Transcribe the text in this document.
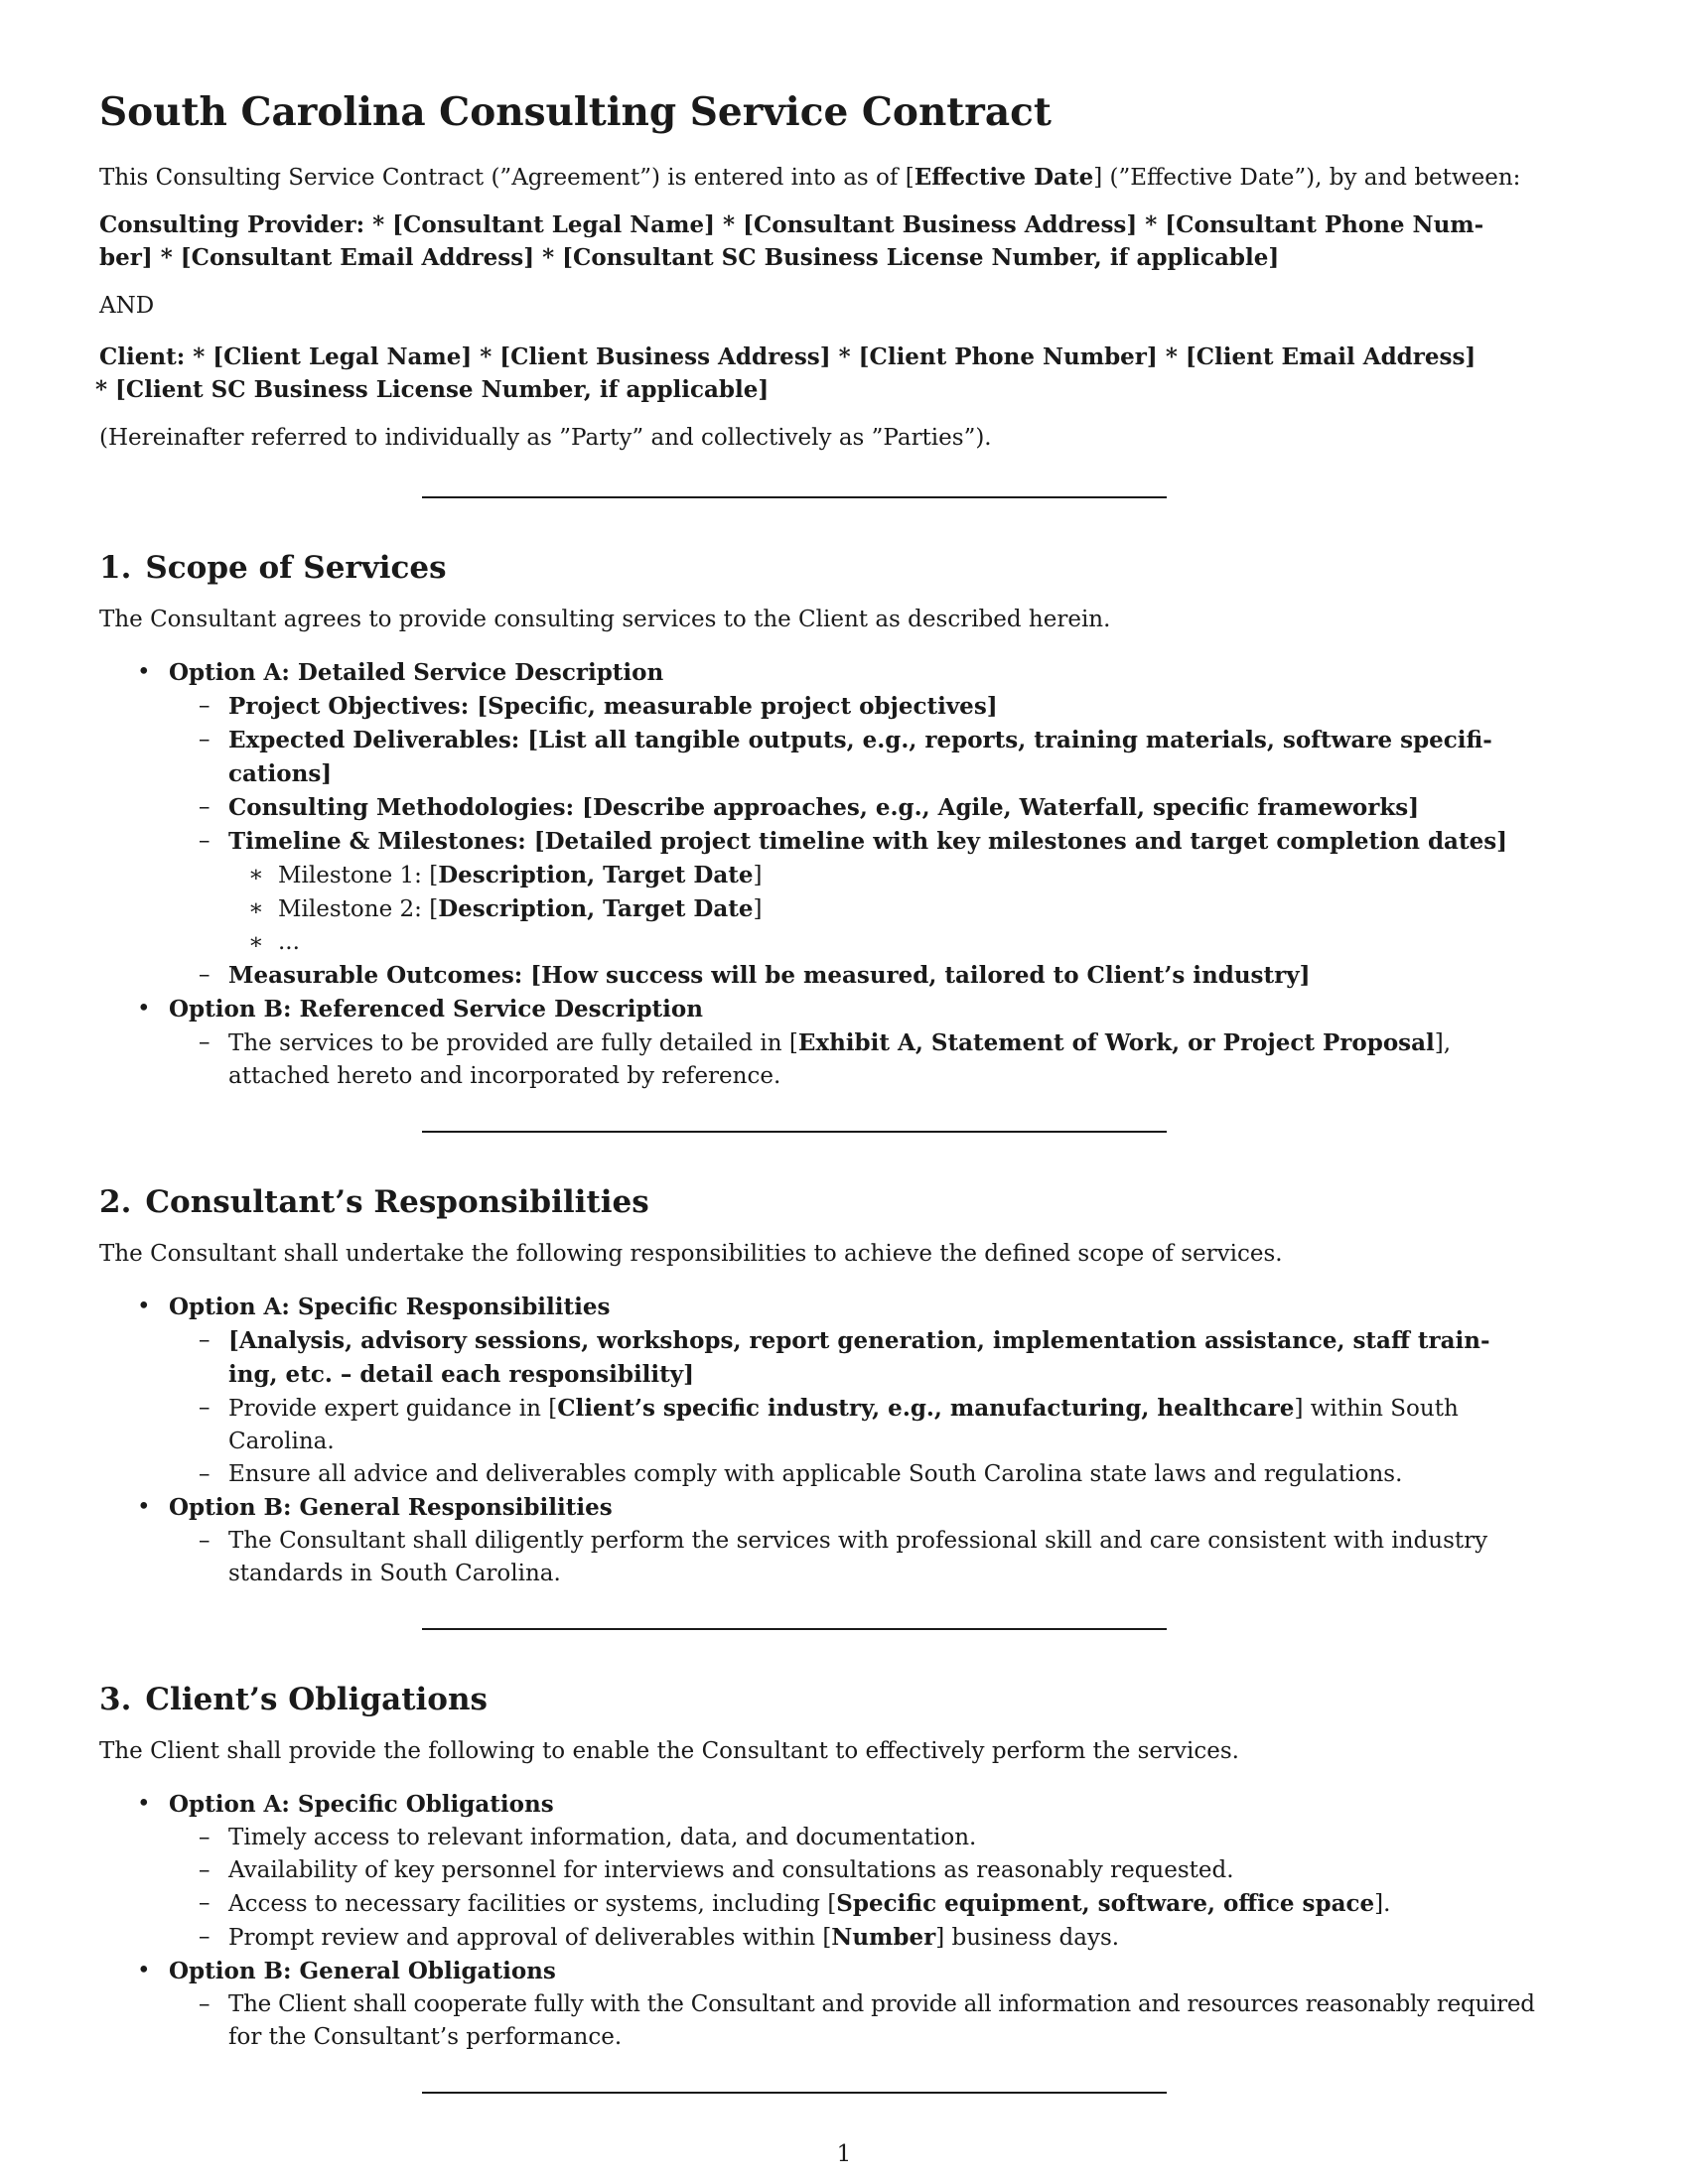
South Carolina Consulting Service Contract

This Consulting Service Contract (”Agreement”) is entered into as of [Effective Date] (”Effective Date”), by and between:

Consulting Provider: * [Consultant Legal Name] * [Consultant Business Address] * [Consultant Phone Num-
ber] * [Consultant Email Address] * [Consultant SC Business License Number, if applicable]

AND

Client: * [Client Legal Name] * [Client Business Address] * [Client Phone Number] * [Client Email Address]
* [Client SC Business License Number, if applicable]

(Hereinafter referred to individually as ”Party” and collectively as ”Parties”).

1. Scope of Services

The Consultant agrees to provide consulting services to the Client as described herein.

• Option A: Detailed Service Description
– Project Objectives: [Specific, measurable project objectives]
– Expected Deliverables: [List all tangible outputs, e.g., reports, training materials, software specifi-
cations]
– Consulting Methodologies: [Describe approaches, e.g., Agile, Waterfall, specific frameworks]
– Timeline & Milestones: [Detailed project timeline with key milestones and target completion dates]
∗ Milestone 1: [Description, Target Date]
∗ Milestone 2: [Description, Target Date]
∗ ...
– Measurable Outcomes: [How success will be measured, tailored to Client’s industry]
• Option B: Referenced Service Description
– The services to be provided are fully detailed in [Exhibit A, Statement of Work, or Project Proposal],
attached hereto and incorporated by reference.
2. Consultant’s Responsibilities

The Consultant shall undertake the following responsibilities to achieve the defined scope of services.

• Option A: Specific Responsibilities
– [Analysis, advisory sessions, workshops, report generation, implementation assistance, staff train-
ing, etc. – detail each responsibility]
– Provide expert guidance in [Client’s specific industry, e.g., manufacturing, healthcare] within South
Carolina.
– Ensure all advice and deliverables comply with applicable South Carolina state laws and regulations.
• Option B: General Responsibilities
– The Consultant shall diligently perform the services with professional skill and care consistent with industry
standards in South Carolina.
3. Client’s Obligations

The Client shall provide the following to enable the Consultant to effectively perform the services.

• Option A: Specific Obligations
– Timely access to relevant information, data, and documentation.
– Availability of key personnel for interviews and consultations as reasonably requested.
– Access to necessary facilities or systems, including [Specific equipment, software, office space].
– Prompt review and approval of deliverables within [Number] business days.
• Option B: General Obligations
– The Client shall cooperate fully with the Consultant and provide all information and resources reasonably required
for the Consultant’s performance.
1
